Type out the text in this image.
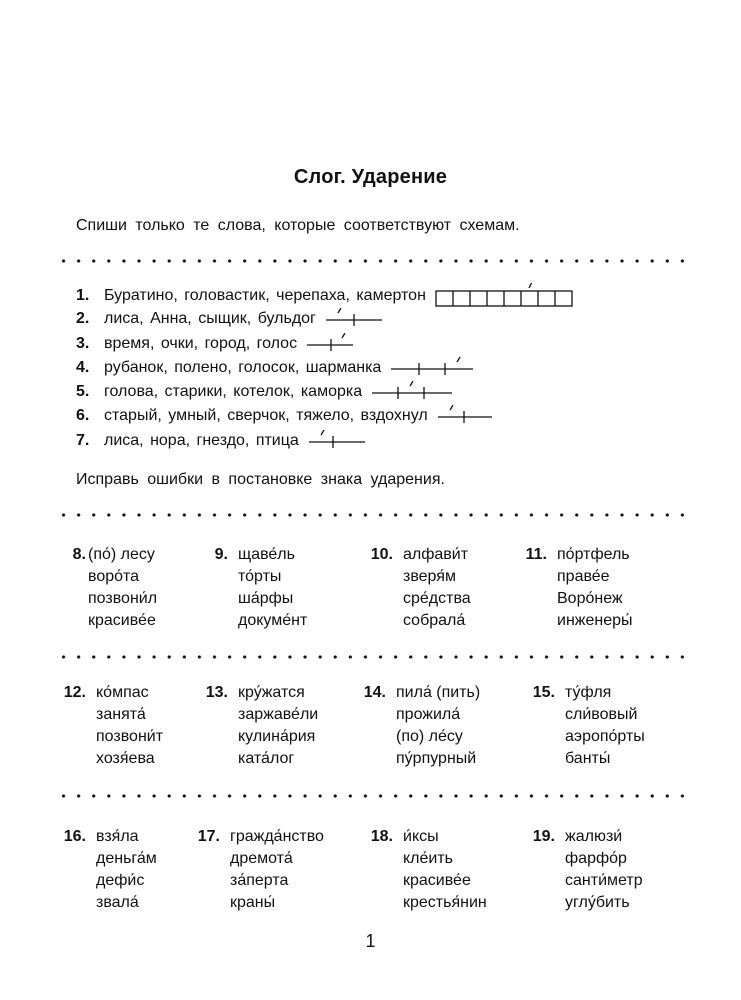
Слог. Ударение
Спиши только те слова, которые соответствуют схемам.
1. Буратино, головастик, черепаха, камертон
2. лиса, Анна, сыщик, бульдог
3. время, очки, город, голос
4. рубанок, полено, голосок, шарманка
5. голова, старики, котелок, каморка
6. старый, умный, сверчок, тяжело, вздохнул
7. лиса, нора, гнездо, птица
Исправь ошибки в постановке знака ударения.
8. (по́) лесу
воро́та
позвони́л
красиве́е
9. щаве́ль
то́рты
ша́рфы
докуме́нт
10. алфави́т
зверя́м
сре́дства
собрала́
11. по́ртфель
праве́е
Воро́неж
инженеры́
12. ко́мпас
занята́
позвони́т
хозя́ева
13. кру́жатся
заржаве́ли
кулина́рия
ката́лог
14. пила́ (пить)
прожила́
(по) ле́су
пу́рпурный
15. ту́фля
сли́вовый
аэропо́рты
банты́
16. взя́ла
деньга́м
дефи́с
звала́
17. гражда́нство
дремота́
за́перта
краны́
18. и́ксы
кле́ить
красиве́е
крестья́нин
19. жалюзи́
фарфо́р
санти́метр
углу́бить
1
